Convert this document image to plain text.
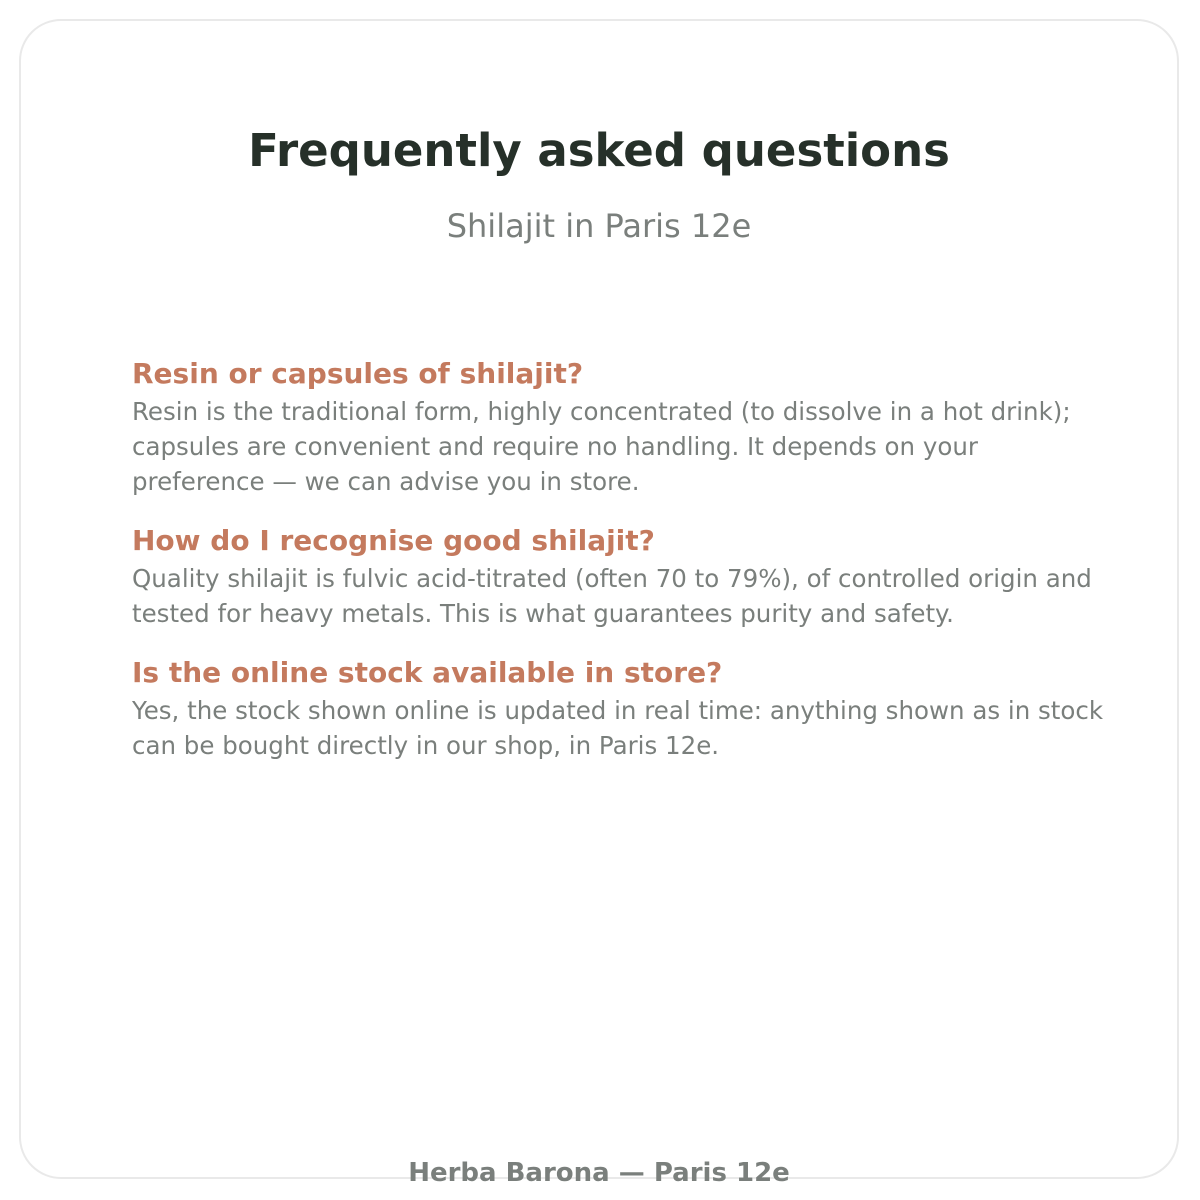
Frequently asked questions

Shilajit in Paris 12e

Resin or capsules of shilajit?

Resin is the traditional form, highly concentrated (to dissolve in a hot drink); capsules are convenient and require no handling. It depends on your preference — we can advise you in store.

How do I recognise good shilajit?

Quality shilajit is fulvic acid-titrated (often 70 to 79%), of controlled origin and tested for heavy metals. This is what guarantees purity and safety.

Is the online stock available in store?

Yes, the stock shown online is updated in real time: anything shown as in stock can be bought directly in our shop, in Paris 12e.

Herba Barona — Paris 12e
